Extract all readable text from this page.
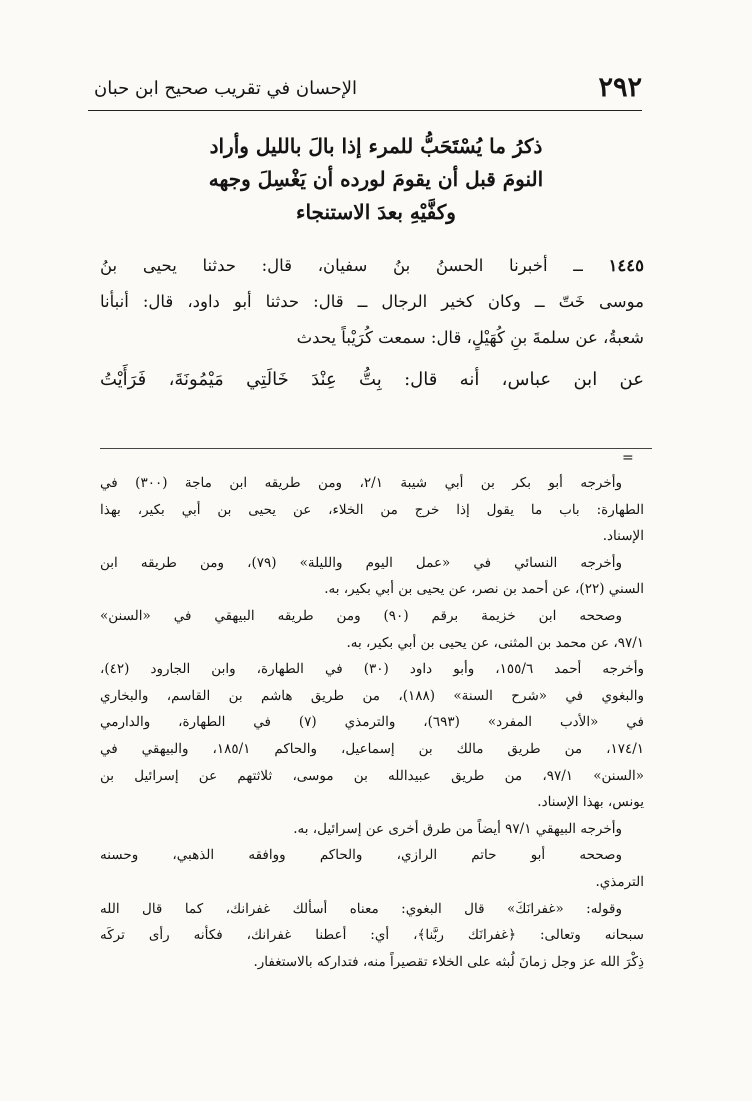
٢٩٢
الإحسان في تقريب صحيح ابن حبان
ذكرُ ما يُسْتَحَبُّ للمرء إذا بالَ بالليل وأراد
النومَ قبل أن يقومَ لورده أن يَغْسِلَ وجهه
وكفَّيْهِ بعدَ الاستنجاء
١٤٤٥ ــ أخبرنا الحسنُ بنُ سفيان، قال: حدثنا يحيى بنُ
موسى خَتّ ــ وكان كخير الرجال ــ قال: حدثنا أبو داود، قال: أنبأنا
شعبةُ، عن سلمةَ بنِ كُهَيْلٍ، قال: سمعت كُرَيْباً يحدث
عن ابن عباس، أنه قال: بِتُّ عِنْدَ خَالَتِي مَيْمُونَةَ، فَرَأَيْتُ
=
وأخرجه أبو بكر بن أبي شيبة ٢/١، ومن طريقه ابن ماجة (٣٠٠) في
الطهارة: باب ما يقول إذا خرج من الخلاء، عن يحيى بن أبي بكير، بهذا
الإسناد.
وأخرجه النسائي في «عمل اليوم والليلة» (٧٩)، ومن طريقه ابن
السني (٢٢)، عن أحمد بن نصر، عن يحيى بن أبي بكير، به.
وصححه ابن خزيمة برقم (٩٠) ومن طريقه البيهقي في «السنن»
٩٧/١، عن محمد بن المثنى، عن يحيى بن أبي بكير، به.
وأخرجه أحمد ١٥٥/٦، وأبو داود (٣٠) في الطهارة، وابن الجارود (٤٢)،
والبغوي في «شرح السنة» (١٨٨)، من طريق هاشم بن القاسم، والبخاري
في «الأدب المفرد» (٦٩٣)، والترمذي (٧) في الطهارة، والدارمي
١٧٤/١، من طريق مالك بن إسماعيل، والحاكم ١٨٥/١، والبيهقي في
«السنن» ٩٧/١، من طريق عبيدالله بن موسى، ثلاثتهم عن إسرائيل بن
يونس، بهذا الإسناد.
وأخرجه البيهقي ٩٧/١ أيضاً من طرق أخرى عن إسرائيل، به.
وصححه أبو حاتم الرازي، والحاكم ووافقه الذهبي، وحسنه
الترمذي.
وقوله: «غفرانَكَ» قال البغوي: معناه أسألك غفرانك، كما قال الله
سبحانه وتعالى: ﴿غفرانَك ربَّنا﴾، أي: أعطنا غفرانك، فكأنه رأى تركَه
ذِكْرَ الله عز وجل زمانَ لُبثه على الخلاء تقصيراً منه، فتداركه بالاستغفار.
